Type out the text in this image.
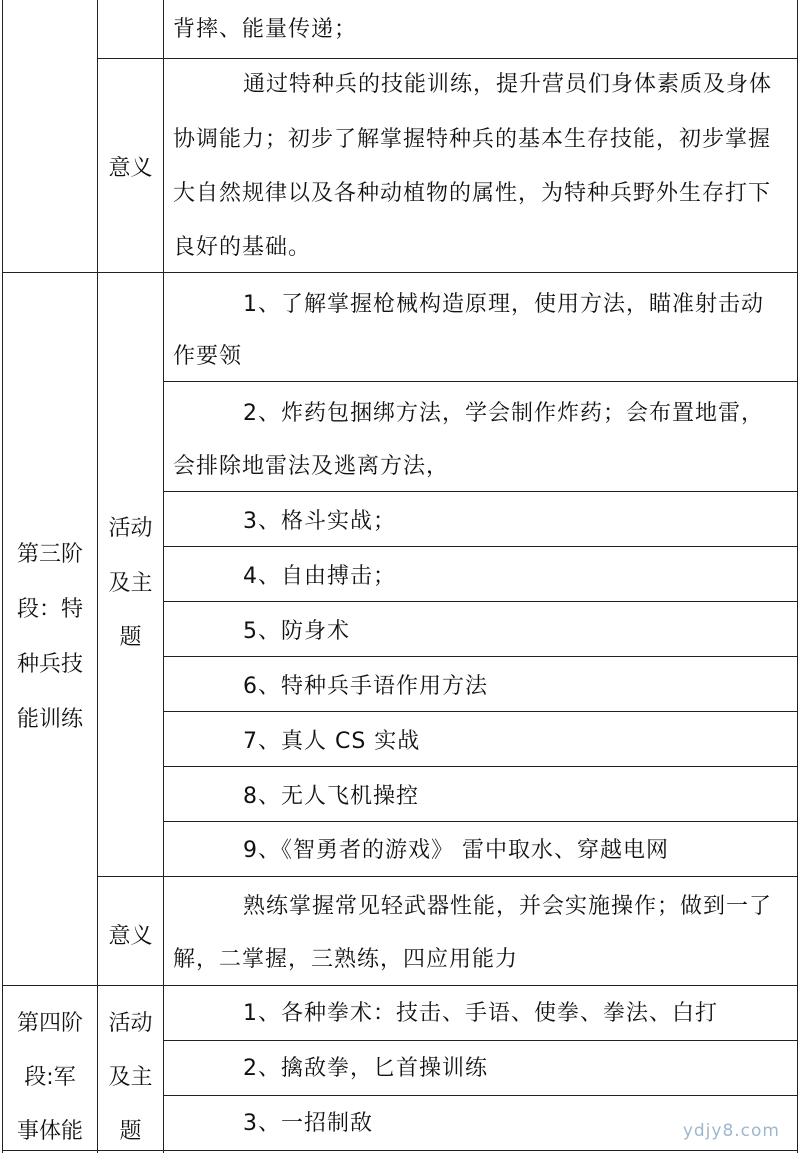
背摔、能量传递；
意义
通过特种兵的技能训练，提升营员们身体素质及身体
协调能力；初步了解掌握特种兵的基本生存技能，初步掌握
大自然规律以及各种动植物的属性，为特种兵野外生存打下
良好的基础。
第三阶
段：特
种兵技
能训练
活动
及主
题
1、了解掌握枪械构造原理，使用方法，瞄准射击动
作要领
2、炸药包捆绑方法，学会制作炸药；会布置地雷，
会排除地雷法及逃离方法，
3、格斗实战；
4、自由搏击；
5、防身术
6、特种兵手语作用方法
7、真人 CS 实战
8、无人飞机操控
9、《智勇者的游戏》 雷中取水、穿越电网
意义
熟练掌握常见轻武器性能，并会实施操作；做到一了
解，二掌握，三熟练，四应用能力
第四阶
段:军
事体能
活动
及主
题
1、各种拳术：技击、手语、使拳、拳法、白打
2、擒敌拳，匕首操训练
3、一招制敌	ydjy8.com
